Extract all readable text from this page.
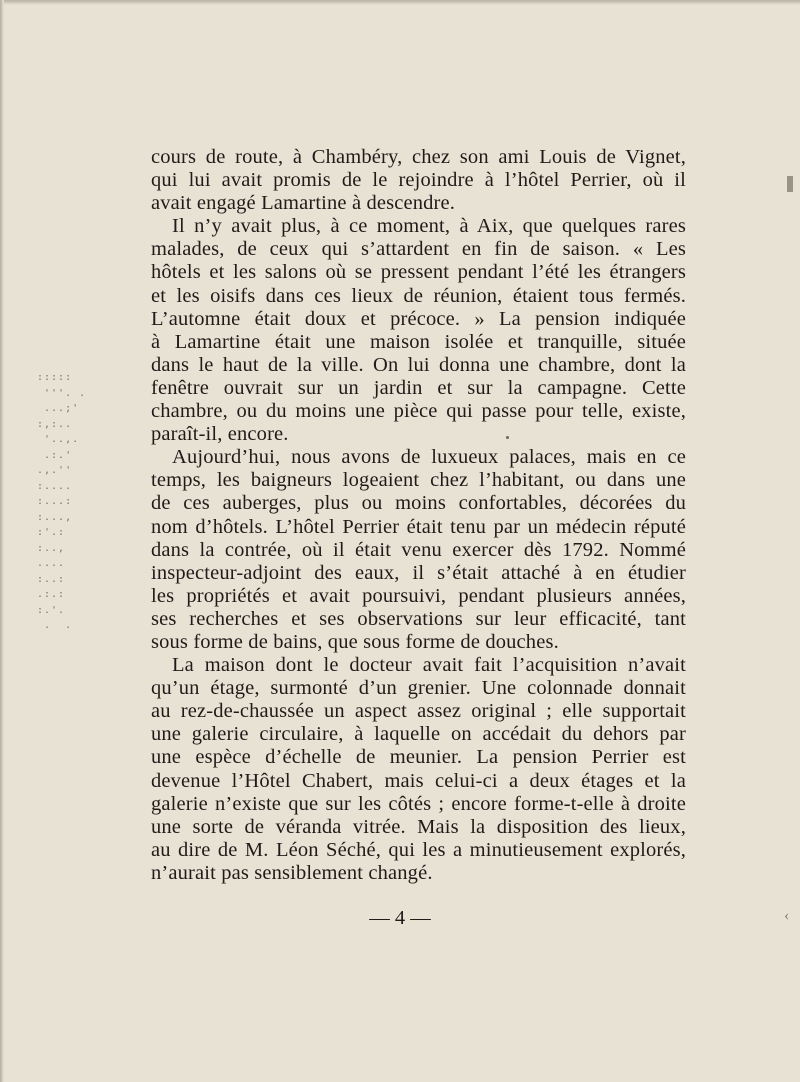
:::::
'''. .
...;'
:,:..
'..,.
.:.'
.,.''
:....
:...:
:...,
:'.:
:..,
....
:..:
.:.:
:.'.
.  .
‹
cours de route, à Chambéry, chez son ami Louis de Vignet,
qui lui avait promis de le rejoindre à l’hôtel Perrier, où il
avait engagé Lamartine à descendre.
Il n’y avait plus, à ce moment, à Aix, que quelques rares
malades, de ceux qui s’attardent en fin de saison. « Les
hôtels et les salons où se pressent pendant l’été les étrangers
et les oisifs dans ces lieux de réunion, étaient tous fermés.
L’automne était doux et précoce. » La pension indiquée
à Lamartine était une maison isolée et tranquille, située
dans le haut de la ville. On lui donna une chambre, dont la
fenêtre ouvrait sur un jardin et sur la campagne. Cette
chambre, ou du moins une pièce qui passe pour telle, existe,
paraît-il, encore.
Aujourd’hui, nous avons de luxueux palaces, mais en ce
temps, les baigneurs logeaient chez l’habitant, ou dans une
de ces auberges, plus ou moins confortables, décorées du
nom d’hôtels. L’hôtel Perrier était tenu par un médecin réputé
dans la contrée, où il était venu exercer dès 1792. Nommé
inspecteur-adjoint des eaux, il s’était attaché à en étudier
les propriétés et avait poursuivi, pendant plusieurs années,
ses recherches et ses observations sur leur efficacité, tant
sous forme de bains, que sous forme de douches.
La maison dont le docteur avait fait l’acquisition n’avait
qu’un étage, surmonté d’un grenier. Une colonnade donnait
au rez-de-chaussée un aspect assez original ; elle supportait
une galerie circulaire, à laquelle on accédait du dehors par
une espèce d’échelle de meunier. La pension Perrier est
devenue l’Hôtel Chabert, mais celui-ci a deux étages et la
galerie n’existe que sur les côtés ; encore forme-t-elle à droite
une sorte de véranda vitrée. Mais la disposition des lieux,
au dire de M. Léon Séché, qui les a minutieusement explorés,
n’aurait pas sensiblement changé.
— 4 —
